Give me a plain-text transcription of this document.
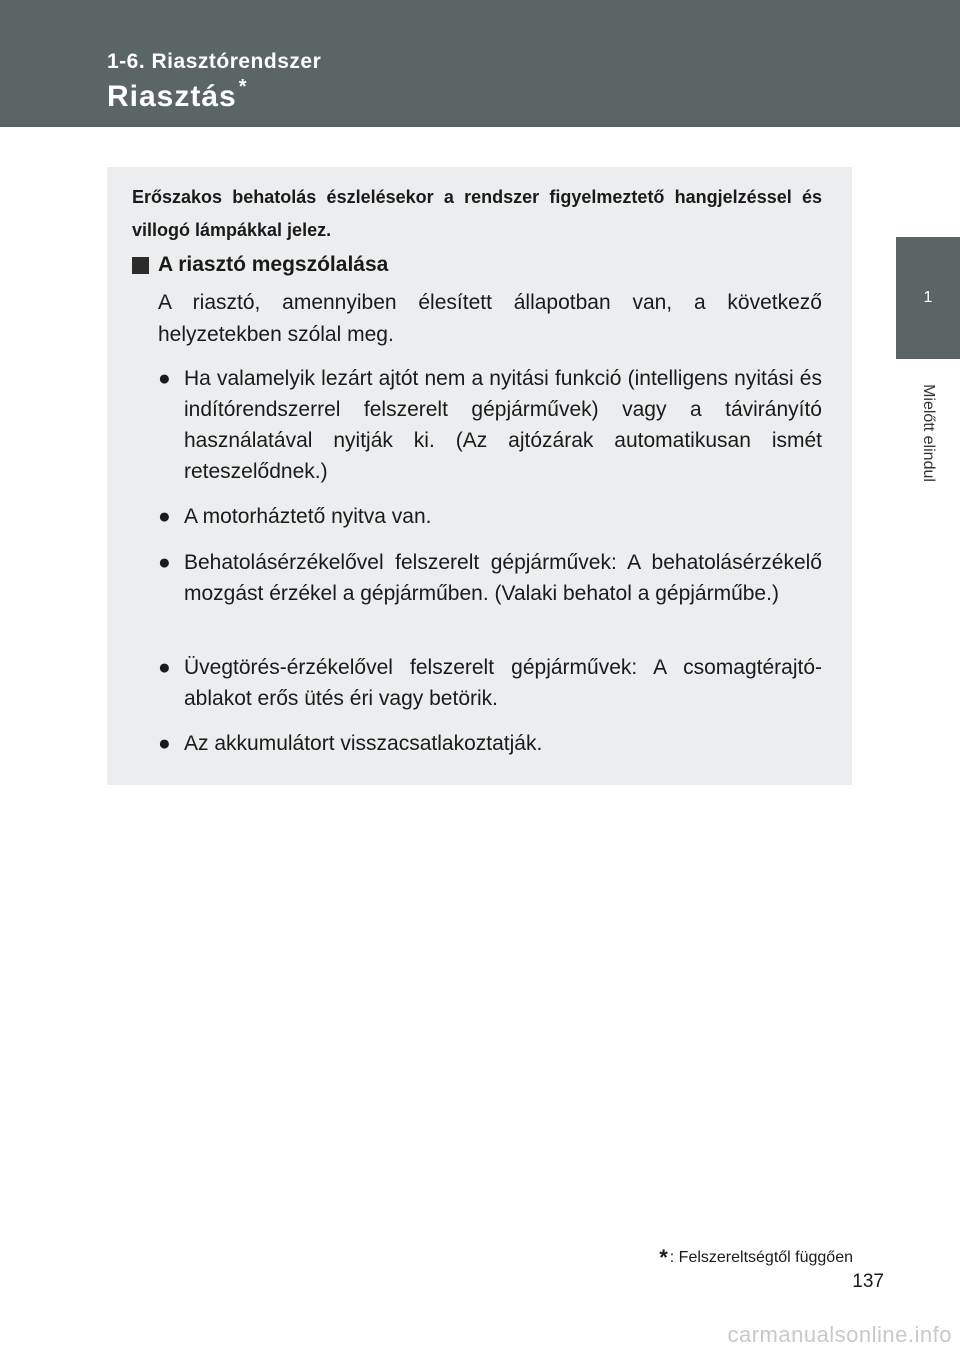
1-6. Riasztórendszer
Riasztás *
1
Mielőtt elindul
Erőszakos behatolás észlelésekor a rendszer figyelmeztető hangjelzéssel és villogó lámpákkal jelez.
A riasztó megszólalása
A riasztó, amennyiben élesített állapotban van, a következő helyzetekben szólal meg.
● Ha valamelyik lezárt ajtót nem a nyitási funkció (intelligens nyitási és indítórendszerrel felszerelt gépjárművek) vagy a távirányító használatával nyitják ki. (Az ajtózárak automatikusan ismét reteszelődnek.)
● A motorháztető nyitva van.
● Behatolásérzékelővel felszerelt gépjárművek: A behatolásérzékelő mozgást érzékel a gépjárműben. (Valaki behatol a gépjárműbe.)
● Üvegtörés-érzékelővel felszerelt gépjárművek: A csomagtérajtó-ablakot erős ütés éri vagy betörik.
● Az akkumulátort visszacsatlakoztatják.
* : Felszereltségtől függően
137
carmanualsonline.info
